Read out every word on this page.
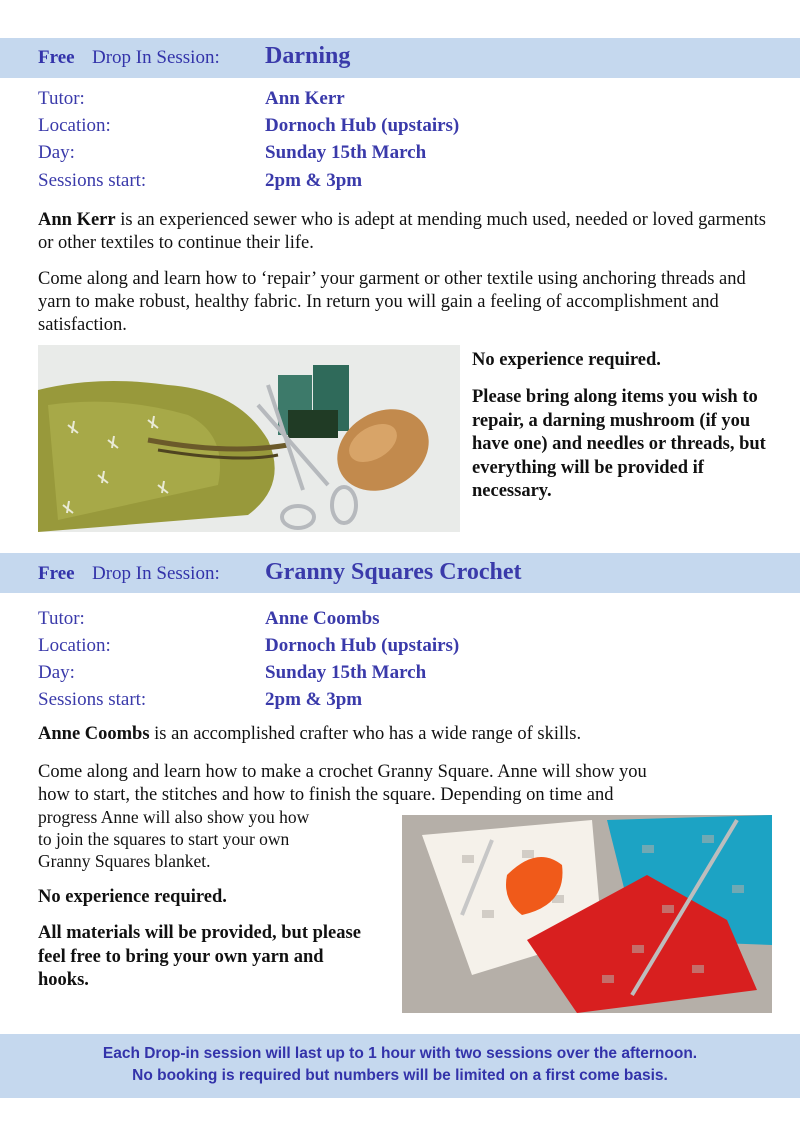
Free Drop In Session: Darning
Tutor:	Ann Kerr
Location:	Dornoch Hub (upstairs)
Day:	Sunday 15th March
Sessions start:	2pm & 3pm
Ann Kerr is an experienced sewer who is adept at mending much used, needed or loved garments or other textiles to continue their life.
Come along and learn how to ‘repair’ your garment or other textile using anchoring threads and yarn to make robust, healthy fabric. In return you will gain a feeling of accomplishment and satisfaction.
No experience required.
Please bring along items you wish to repair, a darning mushroom (if you have one) and needles or threads, but everything will be provided if necessary.
Free Drop In Session: Granny Squares Crochet
Tutor:	Anne Coombs
Location:	Dornoch Hub (upstairs)
Day:	Sunday 15th March
Sessions start:	2pm & 3pm
Anne Coombs is an accomplished crafter who has a wide range of skills.
Come along and learn how to make a crochet Granny Square. Anne will show you
how to start, the stitches and how to finish the square. Depending on time and
progress Anne will also show you how
to join the squares to start your own
Granny Squares blanket.
No experience required.
All materials will be provided, but please feel free to bring your own yarn and hooks.
Each Drop-in session will last up to 1 hour with two sessions over the afternoon.
No booking is required but numbers will be limited on a first come basis.
